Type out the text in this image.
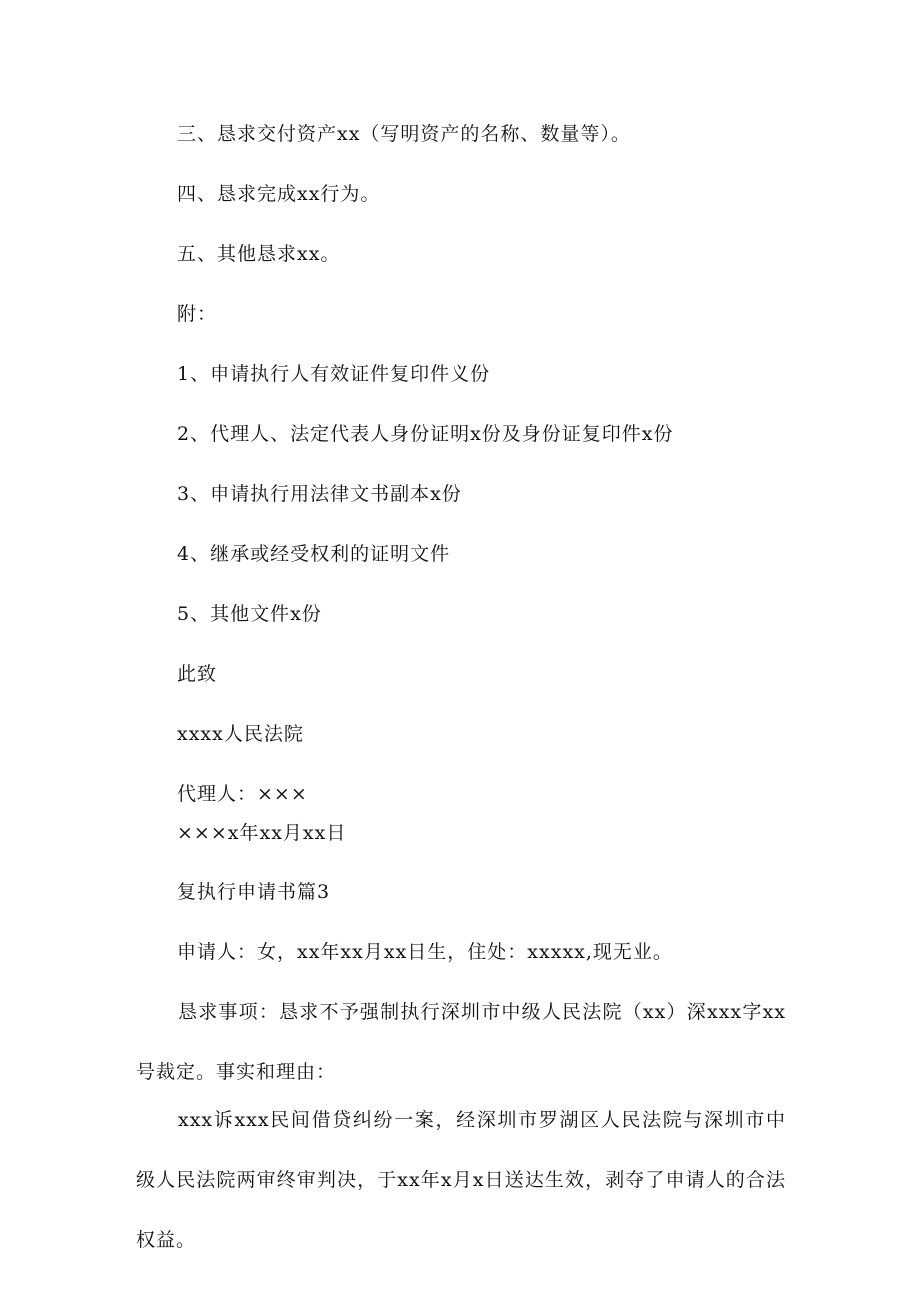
三、恳求交付资产xx（写明资产的名称、数量等）。
四、恳求完成xx行为。
五、其他恳求xx。
附：
1、申请执行人有效证件复印件义份
2、代理人、法定代表人身份证明x份及身份证复印件x份
3、申请执行用法律文书副本x份
4、继承或经受权利的证明文件
5、其他文件x份
此致
xxxx人民法院
代理人：×××
×××x年xx月xx日
复执行申请书篇3
申请人：女，xx年xx月xx日生，住处：xxxxx,现无业。
恳求事项：恳求不予强制执行深圳市中级人民法院（xx）深xxx字xx号裁定。事实和理由：
xxx诉xxx民间借贷纠纷一案，经深圳市罗湖区人民法院与深圳市中级人民法院两审终审判决，于xx年x月x日送达生效，剥夺了申请人的合法权益。
